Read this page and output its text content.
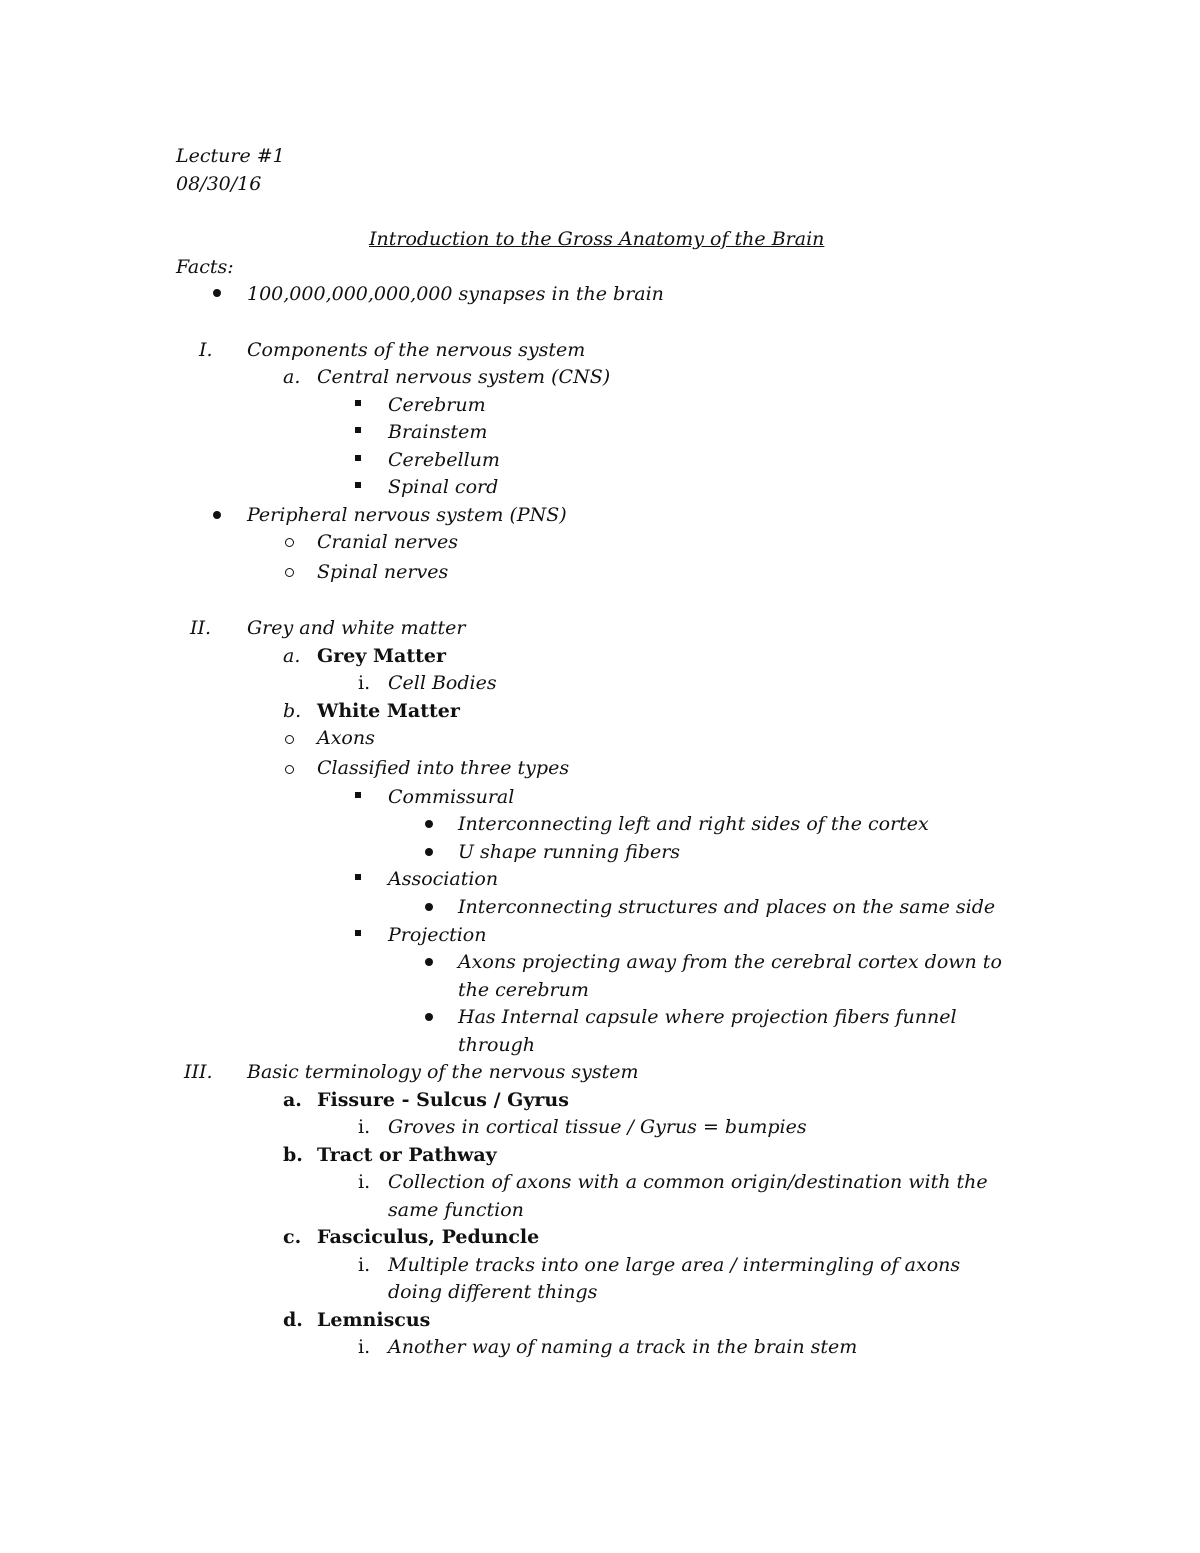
Lecture #1
08/30/16
Introduction to the Gross Anatomy of the Brain
Facts:
100,000,000,000,000 synapses in the brain
I. Components of the nervous system
a. Central nervous system (CNS)
Cerebrum
Brainstem
Cerebellum
Spinal cord
Peripheral nervous system (PNS)
Cranial nerves
Spinal nerves
II. Grey and white matter
a. Grey Matter
i. Cell Bodies
b. White Matter
Axons
Classified into three types
Commissural
Interconnecting left and right sides of the cortex
U shape running fibers
Association
Interconnecting structures and places on the same side
Projection
Axons projecting away from the cerebral cortex down to
the cerebrum
Has Internal capsule where projection fibers funnel
through
III. Basic terminology of the nervous system
a. Fissure - Sulcus / Gyrus
i. Groves in cortical tissue / Gyrus = bumpies
b. Tract or Pathway
i. Collection of axons with a common origin/destination with the
same function
c. Fasciculus, Peduncle
i. Multiple tracks into one large area / intermingling of axons
doing different things
d. Lemniscus
i. Another way of naming a track in the brain stem
